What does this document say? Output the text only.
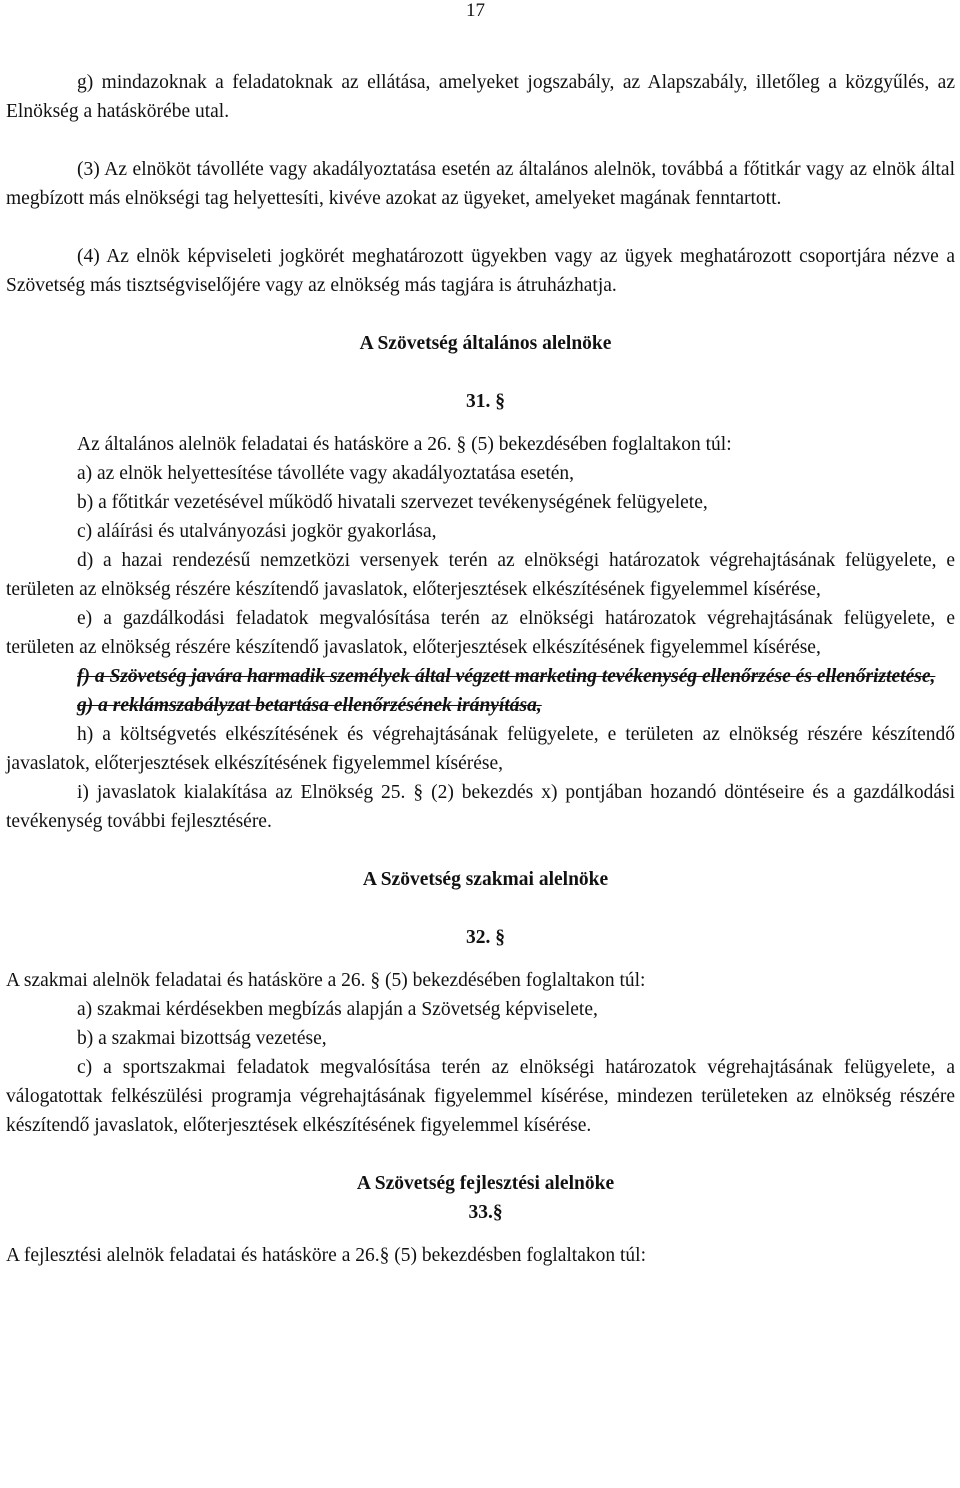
17

g) mindazoknak a feladatoknak az ellátása, amelyeket jogszabály, az Alapszabály, illetőleg a közgyűlés, az Elnökség a hatáskörébe utal.

(3) Az elnököt távolléte vagy akadályoztatása esetén az általános alelnök, továbbá a főtitkár vagy az elnök által megbízott más elnökségi tag helyettesíti, kivéve azokat az ügyeket, amelyeket magának fenntartott.

(4) Az elnök képviseleti jogkörét meghatározott ügyekben vagy az ügyek meghatározott csoportjára nézve a Szövetség más tisztségviselőjére vagy az elnökség más tagjára is átruházhatja.

A Szövetség általános alelnöke

31. §

Az általános alelnök feladatai és hatásköre a 26. § (5) bekezdésében foglaltakon túl:

a) az elnök helyettesítése távolléte vagy akadályoztatása esetén,

b) a főtitkár vezetésével működő hivatali szervezet tevékenységének felügyelete,

c) aláírási és utalványozási jogkör gyakorlása,

d) a hazai rendezésű nemzetközi versenyek terén az elnökségi határozatok végrehajtásának felügyelete, e területen az elnökség részére készítendő javaslatok, előterjesztések elkészítésének figyelemmel kísérése,

e) a gazdálkodási feladatok megvalósítása terén az elnökségi határozatok végrehajtásának felügyelete, e területen az elnökség részére készítendő javaslatok, előterjesztések elkészítésének figyelemmel kísérése,

f) a Szövetség javára harmadik személyek által végzett marketing tevékenység ellenőrzése és ellenőriztetése,

g) a reklámszabályzat betartása ellenőrzésének irányítása,

h) a költségvetés elkészítésének és végrehajtásának felügyelete, e területen az elnökség részére készítendő javaslatok, előterjesztések elkészítésének figyelemmel kísérése,

i) javaslatok kialakítása az Elnökség 25. § (2) bekezdés x) pontjában hozandó döntéseire és a gazdálkodási tevékenység további fejlesztésére.

A Szövetség szakmai alelnöke

32. §

A szakmai alelnök feladatai és hatásköre a 26. § (5) bekezdésében foglaltakon túl:

a) szakmai kérdésekben megbízás alapján a Szövetség képviselete,

b) a szakmai bizottság vezetése,

c) a sportszakmai feladatok megvalósítása terén az elnökségi határozatok végrehajtásának felügyelete, a válogatottak felkészülési programja végrehajtásának figyelemmel kísérése, mindezen területeken az elnökség részére készítendő javaslatok, előterjesztések elkészítésének figyelemmel kísérése.

A Szövetség fejlesztési alelnöke

33.§

A fejlesztési alelnök feladatai és hatásköre a 26.§ (5) bekezdésben foglaltakon túl:
